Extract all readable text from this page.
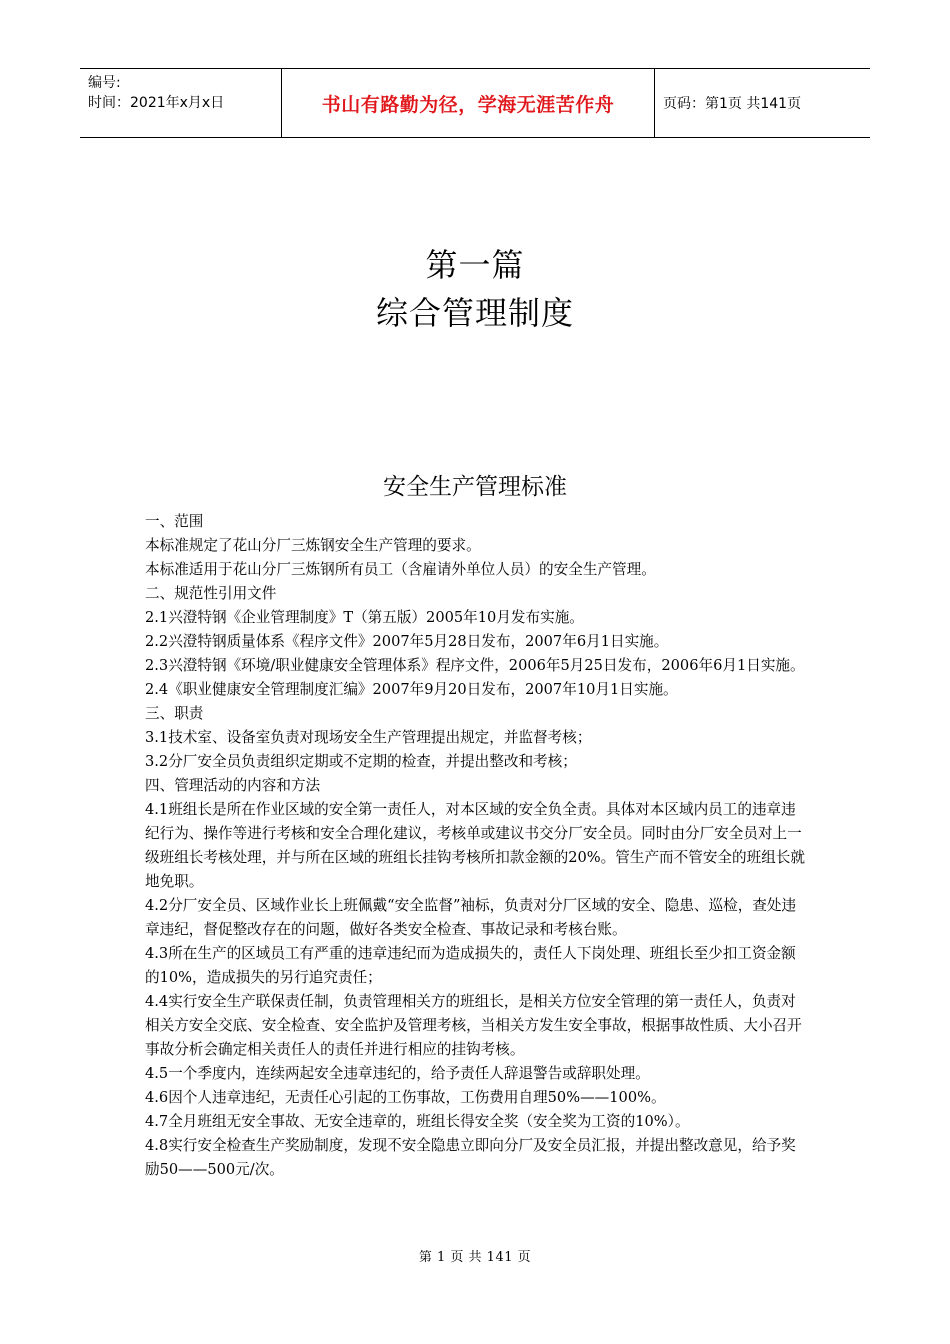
编号:
时间：2021年x月x日	书山有路勤为径，学海无涯苦作舟	页码：第1页 共141页
第一篇
综合管理制度
安全生产管理标准

一、范围

本标准规定了花山分厂三炼钢安全生产管理的要求。

本标准适用于花山分厂三炼钢所有员工（含雇请外单位人员）的安全生产管理。

二、规范性引用文件

2.1兴澄特钢《企业管理制度》T（第五版）2005年10月发布实施。

2.2兴澄特钢质量体系《程序文件》2007年5月28日发布，2007年6月1日实施。

2.3兴澄特钢《环境/职业健康安全管理体系》程序文件，2006年5月25日发布，2006年6月1日实施。

2.4《职业健康安全管理制度汇编》2007年9月20日发布，2007年10月1日实施。

三、职责

3.1技术室、设备室负责对现场安全生产管理提出规定，并监督考核；

3.2分厂安全员负责组织定期或不定期的检查，并提出整改和考核；

四、管理活动的内容和方法

4.1班组长是所在作业区域的安全第一责任人，对本区域的安全负全责。具体对本区域内员工的违章违纪行为、操作等进行考核和安全合理化建议，考核单或建议书交分厂安全员。同时由分厂安全员对上一级班组长考核处理，并与所在区域的班组长挂钩考核所扣款金额的20%。管生产而不管安全的班组长就地免职。

4.2分厂安全员、区域作业长上班佩戴“安全监督”袖标，负责对分厂区域的安全、隐患、巡检，查处违章违纪，督促整改存在的问题，做好各类安全检查、事故记录和考核台账。

4.3所在生产的区域员工有严重的违章违纪而为造成损失的，责任人下岗处理、班组长至少扣工资金额的10%，造成损失的另行追究责任；

4.4实行安全生产联保责任制，负责管理相关方的班组长，是相关方位安全管理的第一责任人，负责对相关方安全交底、安全检查、安全监护及管理考核，当相关方发生安全事故，根据事故性质、大小召开事故分析会确定相关责任人的责任并进行相应的挂钩考核。

4.5一个季度内，连续两起安全违章违纪的，给予责任人辞退警告或辞职处理。

4.6因个人违章违纪，无责任心引起的工伤事故，工伤费用自理50%——100%。

4.7全月班组无安全事故、无安全违章的，班组长得安全奖（安全奖为工资的10%）。

4.8实行安全检查生产奖励制度，发现不安全隐患立即向分厂及安全员汇报，并提出整改意见，给予奖励50——500元/次。

第 1 页 共 141 页
